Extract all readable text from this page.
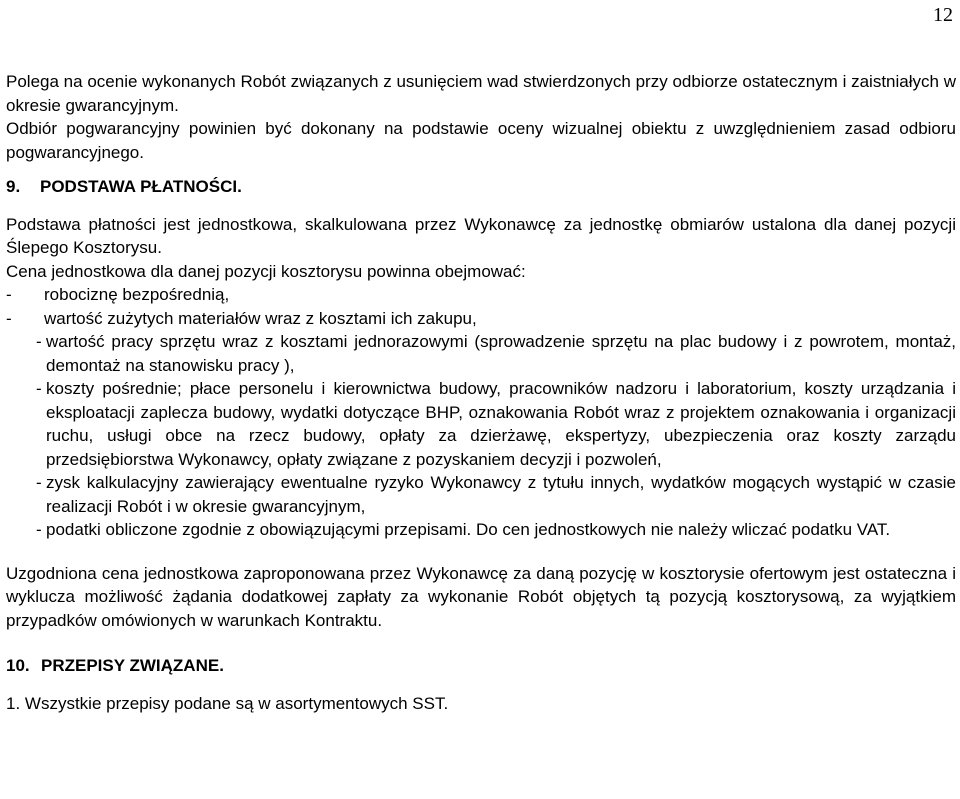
12

Polega na ocenie wykonanych Robót związanych z usunięciem wad stwierdzonych przy odbiorze ostatecznym i zaistniałych w okresie gwarancyjnym.

Odbiór pogwarancyjny powinien być dokonany na podstawie oceny wizualnej obiektu z uwzględnieniem zasad odbioru pogwarancyjnego.

9. PODSTAWA PŁATNOŚCI.

Podstawa płatności jest jednostkowa, skalkulowana przez Wykonawcę za jednostkę obmiarów ustalona dla danej pozycji Ślepego Kosztorysu.

Cena jednostkowa dla danej pozycji kosztorysu powinna obejmować:

-	robociznę bezpośrednią,
-	wartość zużytych materiałów wraz z kosztami ich zakupu,
- wartość pracy sprzętu wraz z kosztami jednorazowymi (sprowadzenie sprzętu na plac budowy i z powrotem, montaż, demontaż na stanowisku pracy ),
- koszty pośrednie; płace personelu i kierownictwa budowy, pracowników nadzoru i laboratorium, koszty urządzania i eksploatacji zaplecza budowy, wydatki dotyczące BHP, oznakowania Robót wraz z projektem oznakowania i organizacji ruchu, usługi obce na rzecz budowy, opłaty za dzierżawę, ekspertyzy, ubezpieczenia oraz koszty zarządu przedsiębiorstwa Wykonawcy, opłaty związane z pozyskaniem decyzji i pozwoleń,
- zysk kalkulacyjny zawierający ewentualne ryzyko Wykonawcy z tytułu innych, wydatków mogących wystąpić w czasie realizacji Robót i w okresie gwarancyjnym,
- podatki obliczone zgodnie z obowiązującymi przepisami. Do cen jednostkowych nie należy wliczać podatku VAT.

Uzgodniona cena jednostkowa zaproponowana przez Wykonawcę za daną pozycję w kosztorysie ofertowym jest ostateczna i wyklucza możliwość żądania dodatkowej zapłaty za wykonanie Robót objętych tą pozycją kosztorysową, za wyjątkiem przypadków omówionych w warunkach Kontraktu.

10. PRZEPISY ZWIĄZANE.

1. Wszystkie przepisy podane są w asortymentowych SST.
